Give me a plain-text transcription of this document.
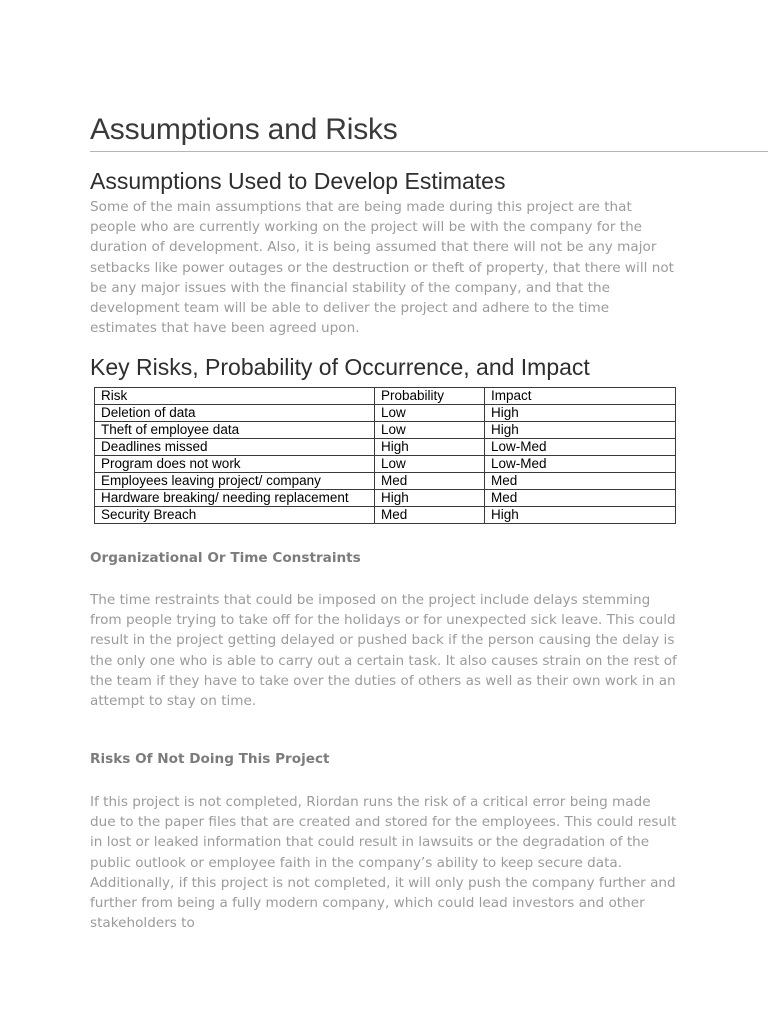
Assumptions and Risks
Assumptions Used to Develop Estimates

Some of the main assumptions that are being made during this project are that people who are currently working on the project will be with the company for the duration of development. Also, it is being assumed that there will not be any major setbacks like power outages or the destruction or theft of property, that there will not be any major issues with the financial stability of the company, and that the development team will be able to deliver the project and adhere to the time estimates that have been agreed upon.

Key Risks, Probability of Occurrence, and Impact
Risk	Probability	Impact
Deletion of data	Low	High
Theft of employee data	Low	High
Deadlines missed	High	Low-Med
Program does not work	Low	Low-Med
Employees leaving project/ company	Med	Med
Hardware breaking/ needing replacement	High	Med
Security Breach	Med	High
Organizational Or Time Constraints

The time restraints that could be imposed on the project include delays stemming from people trying to take off for the holidays or for unexpected sick leave. This could result in the project getting delayed or pushed back if the person causing the delay is the only one who is able to carry out a certain task. It also causes strain on the rest of the team if they have to take over the duties of others as well as their own work in an attempt to stay on time.

Risks Of Not Doing This Project

If this project is not completed, Riordan runs the risk of a critical error being made due to the paper files that are created and stored for the employees. This could result in lost or leaked information that could result in lawsuits or the degradation of the public outlook or employee faith in the company’s ability to keep secure data. Additionally, if this project is not completed, it will only push the company further and further from being a fully modern company, which could lead investors and other stakeholders to
